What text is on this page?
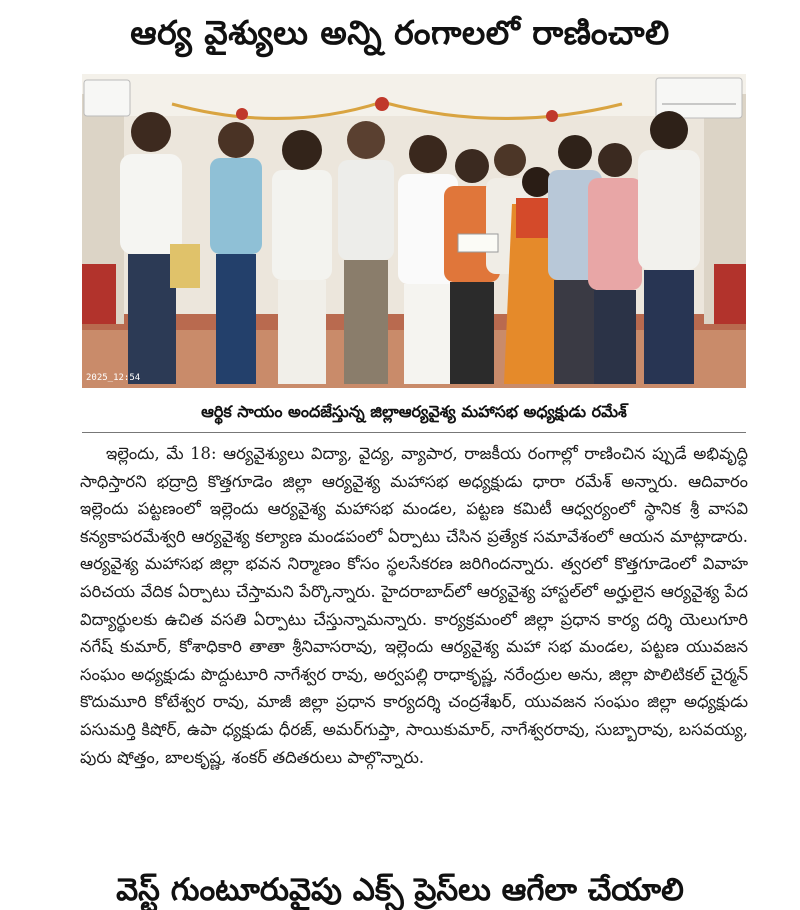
ఆర్య వైశ్యులు అన్ని రంగాలలో రాణించాలి
2025_12:54
ఆర్థిక సాయం అందజేస్తున్న జిల్లాఆర్యవైశ్య మహాసభ అధ్యక్షుడు రమేశ్
ఇల్లెందు, మే 18: ఆర్యవైశ్యులు విద్యా, వైద్య, వ్యాపార, రాజకీయ రంగాల్లో రాణించిన ప్పుడే అభివృద్ధి సాధిస్తారని భద్రాద్రి కొత్తగూడెం జిల్లా ఆర్యవైశ్య మహాసభ అధ్యక్షుడు ధారా రమేశ్ అన్నారు. ఆదివారం ఇల్లెందు పట్టణంలో ఇల్లెందు ఆర్యవైశ్య మహాసభ మండల, పట్టణ కమిటీ ఆధ్వర్యంలో స్థానిక శ్రీ వాసవి కన్యకాపరమేశ్వరి ఆర్యవైశ్య కల్యాణ మండపంలో ఏర్పాటు చేసిన ప్రత్యేక సమావేశంలో ఆయన మాట్లాడారు. ఆర్యవైశ్య మహాసభ జిల్లా భవన నిర్మాణం కోసం స్థలసేకరణ జరిగిందన్నారు. త్వరలో కొత్తగూడెంలో వివాహ పరిచయ వేదిక ఏర్పాటు చేస్తామని పేర్కొన్నారు. హైదరాబాద్‌లో ఆర్యవైశ్య హాస్టల్‌లో అర్హులైన ఆర్యవైశ్య పేద విద్యార్థులకు ఉచిత వసతి ఏర్పాటు చేస్తున్నామన్నారు. కార్యక్రమంలో జిల్లా ప్రధాన కార్య దర్శి యెలుగూరి నగేష్ కుమార్, కోశాధికారి తాతా శ్రీనివాసరావు, ఇల్లెందు ఆర్యవైశ్య మహా సభ మండల, పట్టణ యువజన సంఘం అధ్యక్షుడు పొద్దుటూరి నాగేశ్వర రావు, అర్వపల్లి రాధాకృష్ణ, నరేంద్రుల అను, జిల్లా పొలిటికల్ చైర్మన్ కొదుమూరి కోటేశ్వర రావు, మాజీ జిల్లా ప్రధాన కార్యదర్శి చంద్రశేఖర్, యువజన సంఘం జిల్లా అధ్యక్షుడు పసుమర్తి కిషోర్, ఉపా ధ్యక్షుడు ధీరజ్, అమర్‌గుప్తా, సాయికుమార్, నాగేశ్వరరావు, సుబ్బారావు, బసవయ్య, పురు షోత్తం, బాలకృష్ణ, శంకర్ తదితరులు పాల్గొన్నారు.
వెస్ట్ గుంటూరువైపు ఎక్స్ ప్రెస్‌లు ఆగేలా చేయాలి
